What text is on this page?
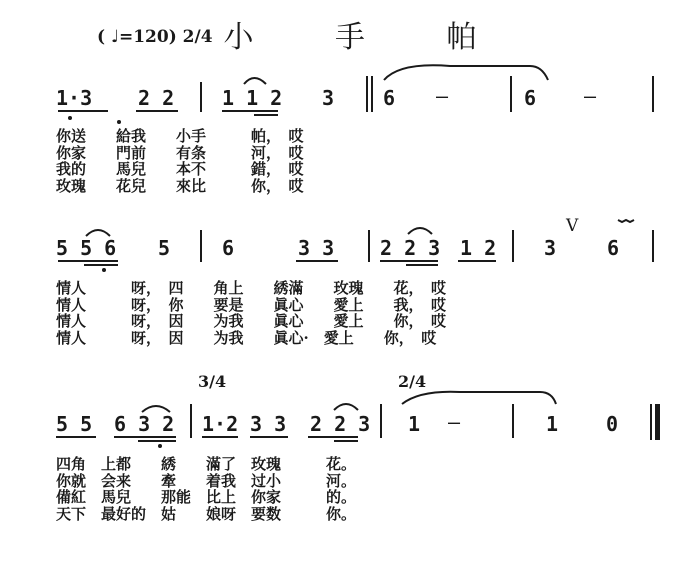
小 手 帕
( ♩=120) 2/4
1·3 2 2 1 1 2 3 6 —	6 —
你送　　給我　　小手　　　帕，　哎
你家　　門前　　有条　　　河，　哎
我的　　馬兒　　本不　　　錯，　哎
玫瑰　　花兒　　來比　　　你，　哎
5 5 6 5	6	3 3 2 2 3 1 2 3
V
6
情人　　　呀，　四　　角上　　綉滿　　玫瑰　　花，　哎
情人　　　呀，　你　　要是　　眞心　　愛上　　我，　哎
情人　　　呀，　因　　为我　　眞心　　愛上　　你，　哎
情人　　　呀，　因　　为我　　眞心·　愛上　　你，　哎
3/4	2/4
5 5 6 3 2 1·2 3 3 2 2 3 1 —	1 0
四角　上都　　綉　　滿了　玫瑰　　　花。
你就　会来　　牽　　着我　过小　　　河。
備紅　馬兒　　那能　比上　你家　　　的。
天下　最好的　姑　　娘呀　要数　　　你。
